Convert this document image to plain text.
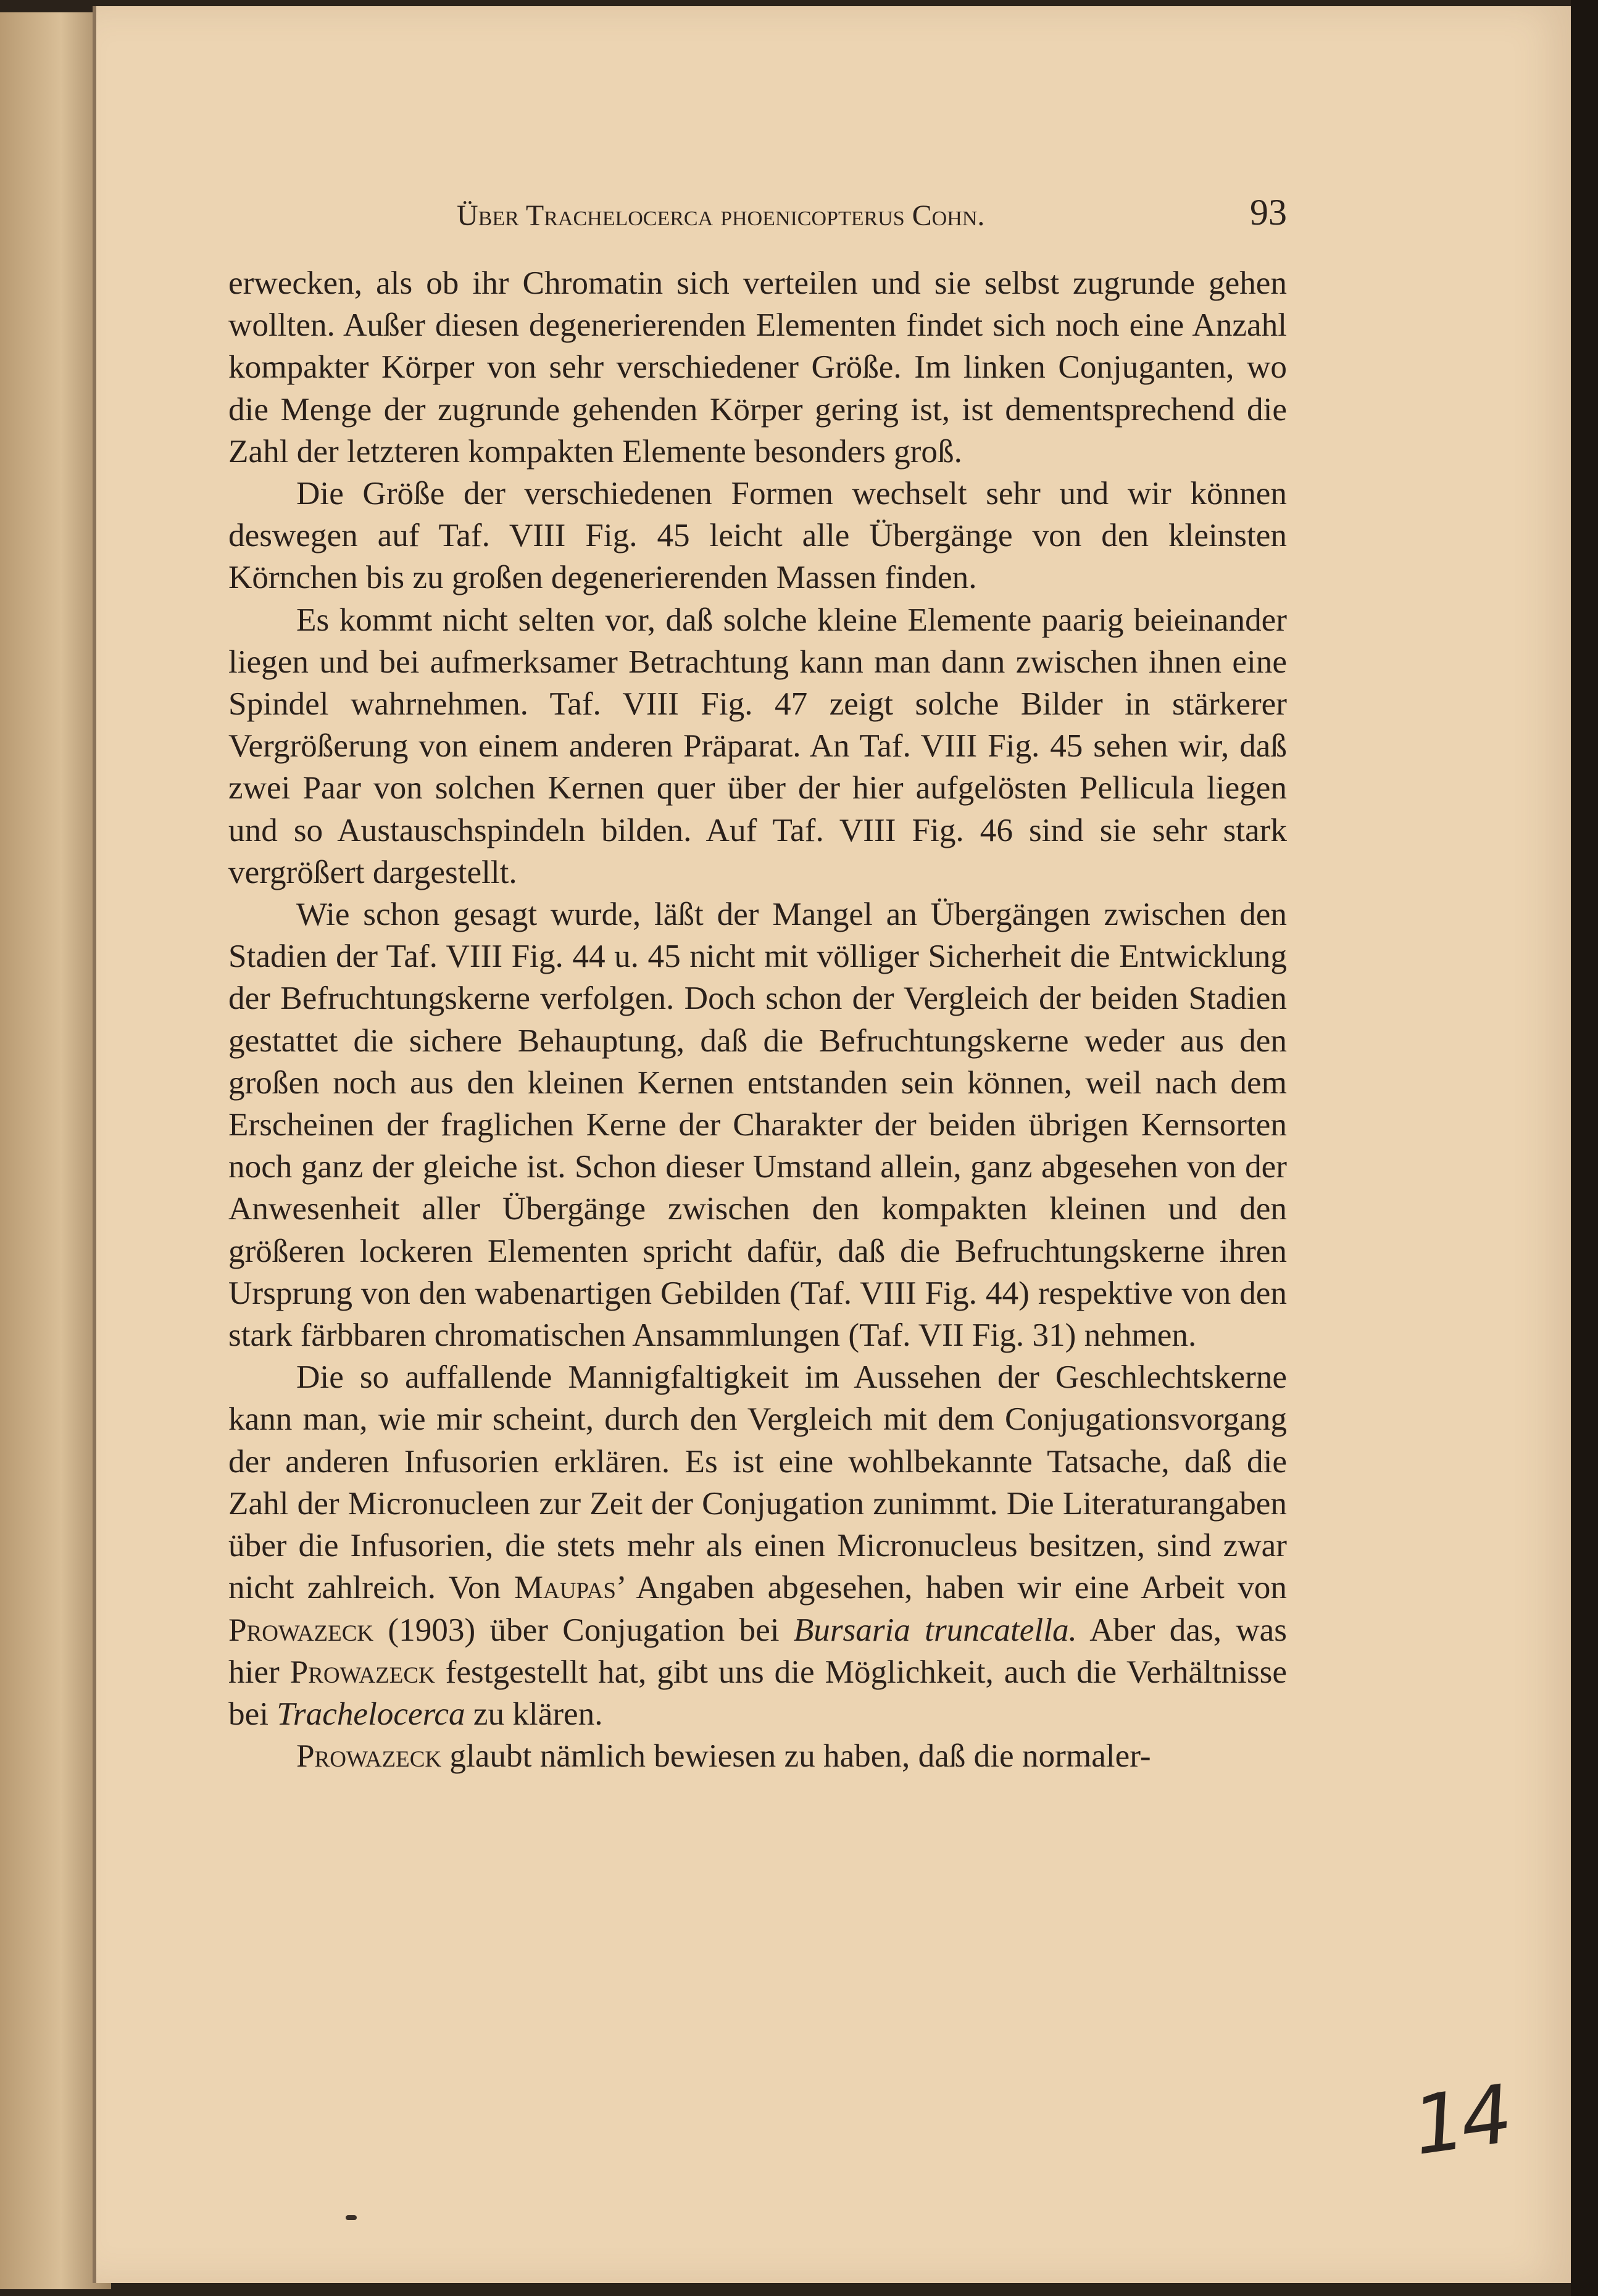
Über Trachelocerca phoenicopterus Cohn.	93

erwecken, als ob ihr Chromatin sich verteilen und sie selbst zugrunde gehen wollten. Außer diesen degenerierenden Elementen findet sich noch eine Anzahl kompakter Körper von sehr verschiedener Größe. Im linken Conjuganten, wo die Menge der zugrunde gehenden Körper gering ist, ist dementsprechend die Zahl der letzteren kompakten Elemente besonders groß.

Die Größe der verschiedenen Formen wechselt sehr und wir können deswegen auf Taf. VIII Fig. 45 leicht alle Übergänge von den kleinsten Körnchen bis zu großen degenerierenden Massen finden.

Es kommt nicht selten vor, daß solche kleine Elemente paarig beieinander liegen und bei aufmerksamer Betrachtung kann man dann zwischen ihnen eine Spindel wahrnehmen. Taf. VIII Fig. 47 zeigt solche Bilder in stärkerer Vergrößerung von einem anderen Präparat. An Taf. VIII Fig. 45 sehen wir, daß zwei Paar von solchen Kernen quer über der hier aufgelösten Pellicula liegen und so Austauschspindeln bilden. Auf Taf. VIII Fig. 46 sind sie sehr stark vergrößert dargestellt.

Wie schon gesagt wurde, läßt der Mangel an Übergängen zwischen den Stadien der Taf. VIII Fig. 44 u. 45 nicht mit völliger Sicherheit die Entwicklung der Befruchtungskerne verfolgen. Doch schon der Vergleich der beiden Stadien gestattet die sichere Behauptung, daß die Befruchtungskerne weder aus den großen noch aus den kleinen Kernen entstanden sein können, weil nach dem Erscheinen der fraglichen Kerne der Charakter der beiden übrigen Kernsorten noch ganz der gleiche ist. Schon dieser Umstand allein, ganz abgesehen von der Anwesenheit aller Übergänge zwischen den kompakten kleinen und den größeren lockeren Elementen spricht dafür, daß die Befruchtungskerne ihren Ursprung von den wabenartigen Gebilden (Taf. VIII Fig. 44) respektive von den stark färbbaren chromatischen Ansammlungen (Taf. VII Fig. 31) nehmen.

Die so auffallende Mannigfaltigkeit im Aussehen der Geschlechtskerne kann man, wie mir scheint, durch den Vergleich mit dem Conjugationsvorgang der anderen Infusorien erklären. Es ist eine wohlbekannte Tatsache, daß die Zahl der Micronucleen zur Zeit der Conjugation zunimmt. Die Literaturangaben über die Infusorien, die stets mehr als einen Micronucleus besitzen, sind zwar nicht zahlreich. Von Maupas’ Angaben abgesehen, haben wir eine Arbeit von Prowazeck (1903) über Conjugation bei Bursaria truncatella. Aber das, was hier Prowazeck festgestellt hat, gibt uns die Möglichkeit, auch die Verhältnisse bei Trachelocerca zu klären.

Prowazeck glaubt nämlich bewiesen zu haben, daß die normaler-

14
